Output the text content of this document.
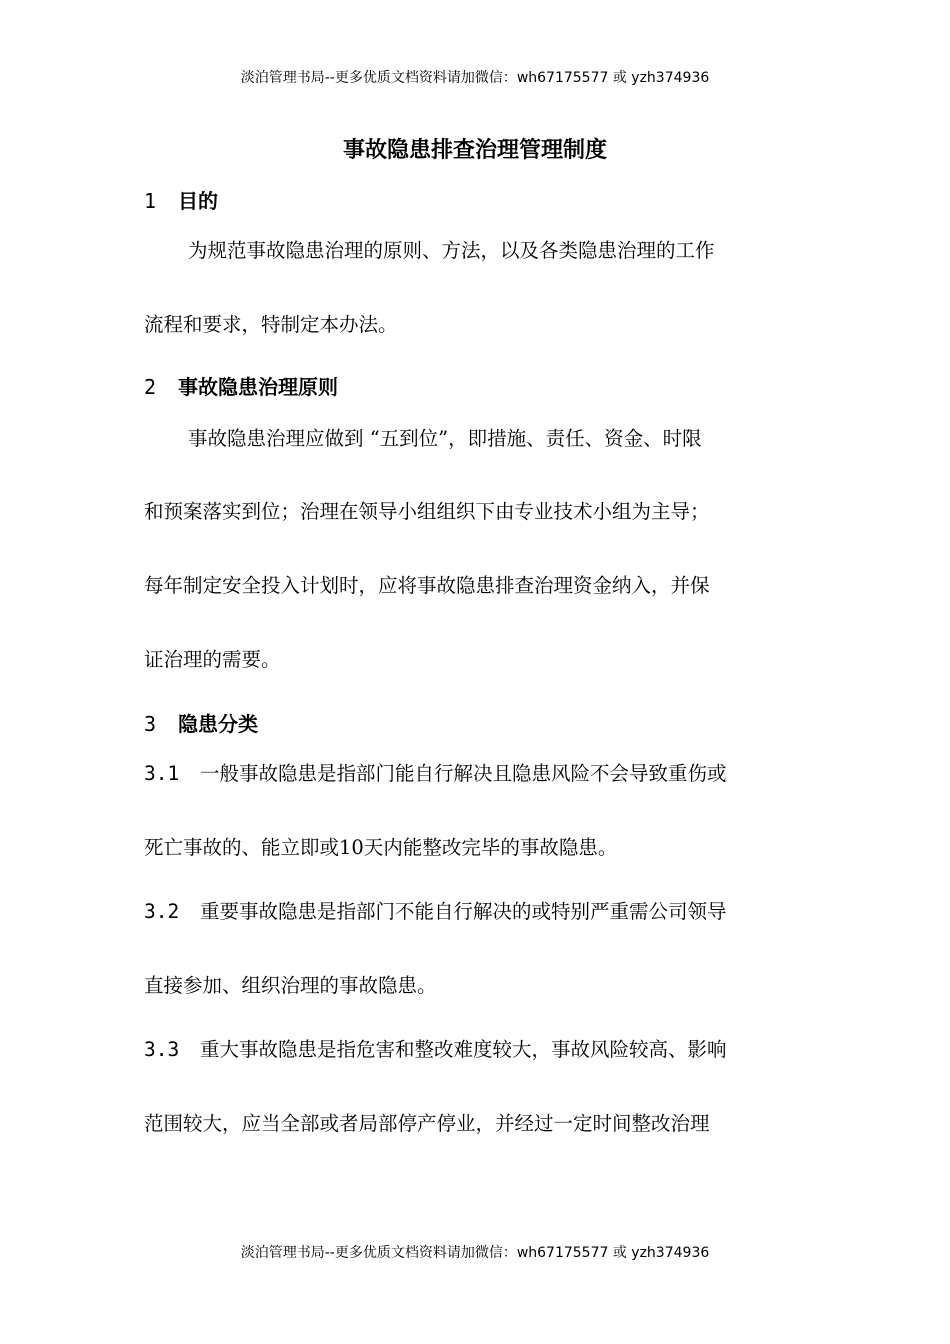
淡泊管理书局--更多优质文档资料请加微信：wh67175577 或 yzh374936
事故隐患排查治理管理制度
1 目的
为规范事故隐患治理的原则、方法，以及各类隐患治理的工作
流程和要求，特制定本办法。
2 事故隐患治理原则
事故隐患治理应做到 “五到位”，即措施、责任、资金、时限
和预案落实到位；治理在领导小组组织下由专业技术小组为主导；
每年制定安全投入计划时，应将事故隐患排查治理资金纳入，并保
证治理的需要。
3 隐患分类
3.1 一般事故隐患是指部门能自行解决且隐患风险不会导致重伤或
死亡事故的、能立即或10天内能整改完毕的事故隐患。
3.2 重要事故隐患是指部门不能自行解决的或特别严重需公司领导
直接参加、组织治理的事故隐患。
3.3 重大事故隐患是指危害和整改难度较大，事故风险较高、影响
范围较大，应当全部或者局部停产停业，并经过一定时间整改治理
淡泊管理书局--更多优质文档资料请加微信：wh67175577 或 yzh374936
